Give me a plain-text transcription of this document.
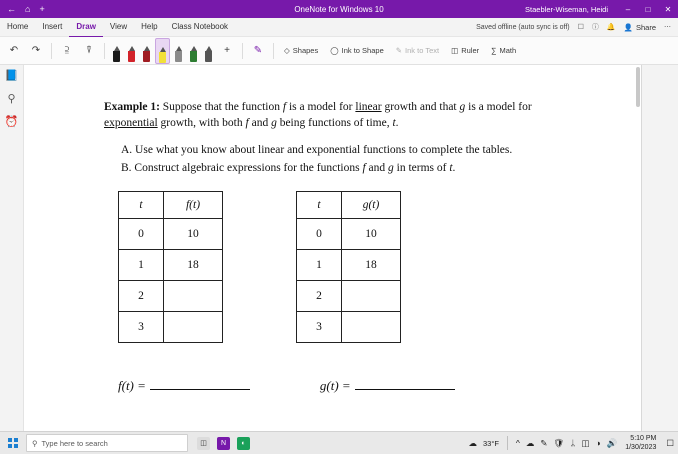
← ⌂ +	OneNote for Windows 10	Staebler-Wiseman, Heidi	–	□	✕
Home	Insert	Draw	View	Help	Class Notebook	Saved offline (auto sync is off) ☐ ⓘ 🔔 👤 Share ⋯
↶	↷	⫆	⍒	+	✎	◇ Shapes ◯ Ink to Shape ✎ Ink to Text ◫ Ruler ∑ Math
📘
⚲
⏰
Example 1: Suppose that the function f is a model for linear growth and that g is a model for exponential growth, with both f and g being functions of time, t.
A. Use what you know about linear and exponential functions to complete the tables.
B. Construct algebraic expressions for the functions f and g in terms of t.
t	f(t)
0	10
1	18
2	
3	
t	g(t)
0	10
1	18
2	
3	
f(t) =	g(t) =
⚲ Type here to search	◫	N	◐	☁ 33°F ^ ☁ ✎ 🛡 ᛦ ◫ ◑ 🔊	5:10 PM
1/30/2023 ☐
